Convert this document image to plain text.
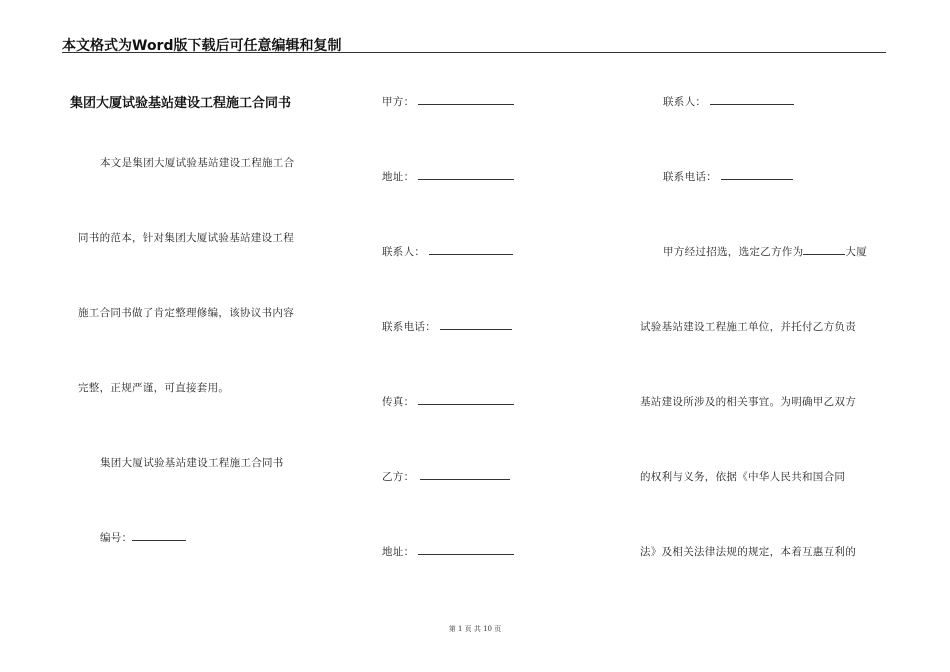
本文格式为Word版下载后可任意编辑和复制
集团大厦试验基站建设工程施工合同书
本文是集团大厦试验基站建设工程施工合
同书的范本，针对集团大厦试验基站建设工程
施工合同书做了肯定整理修编，该协议书内容
完整，正规严谨，可直接套用。
集团大厦试验基站建设工程施工合同书
编号：
甲方：
地址：
联系人：
联系电话：
传真：
乙方：
地址：
联系人：
联系电话：
甲方经过招选，选定乙方作为	大厦
试验基站建设工程施工单位，并托付乙方负责
基站建设所涉及的相关事宜。为明确甲乙双方
的权利与义务，依据《中华人民共和国合同
法》及相关法律法规的规定，本着互惠互利的
第 1 页 共 10 页
